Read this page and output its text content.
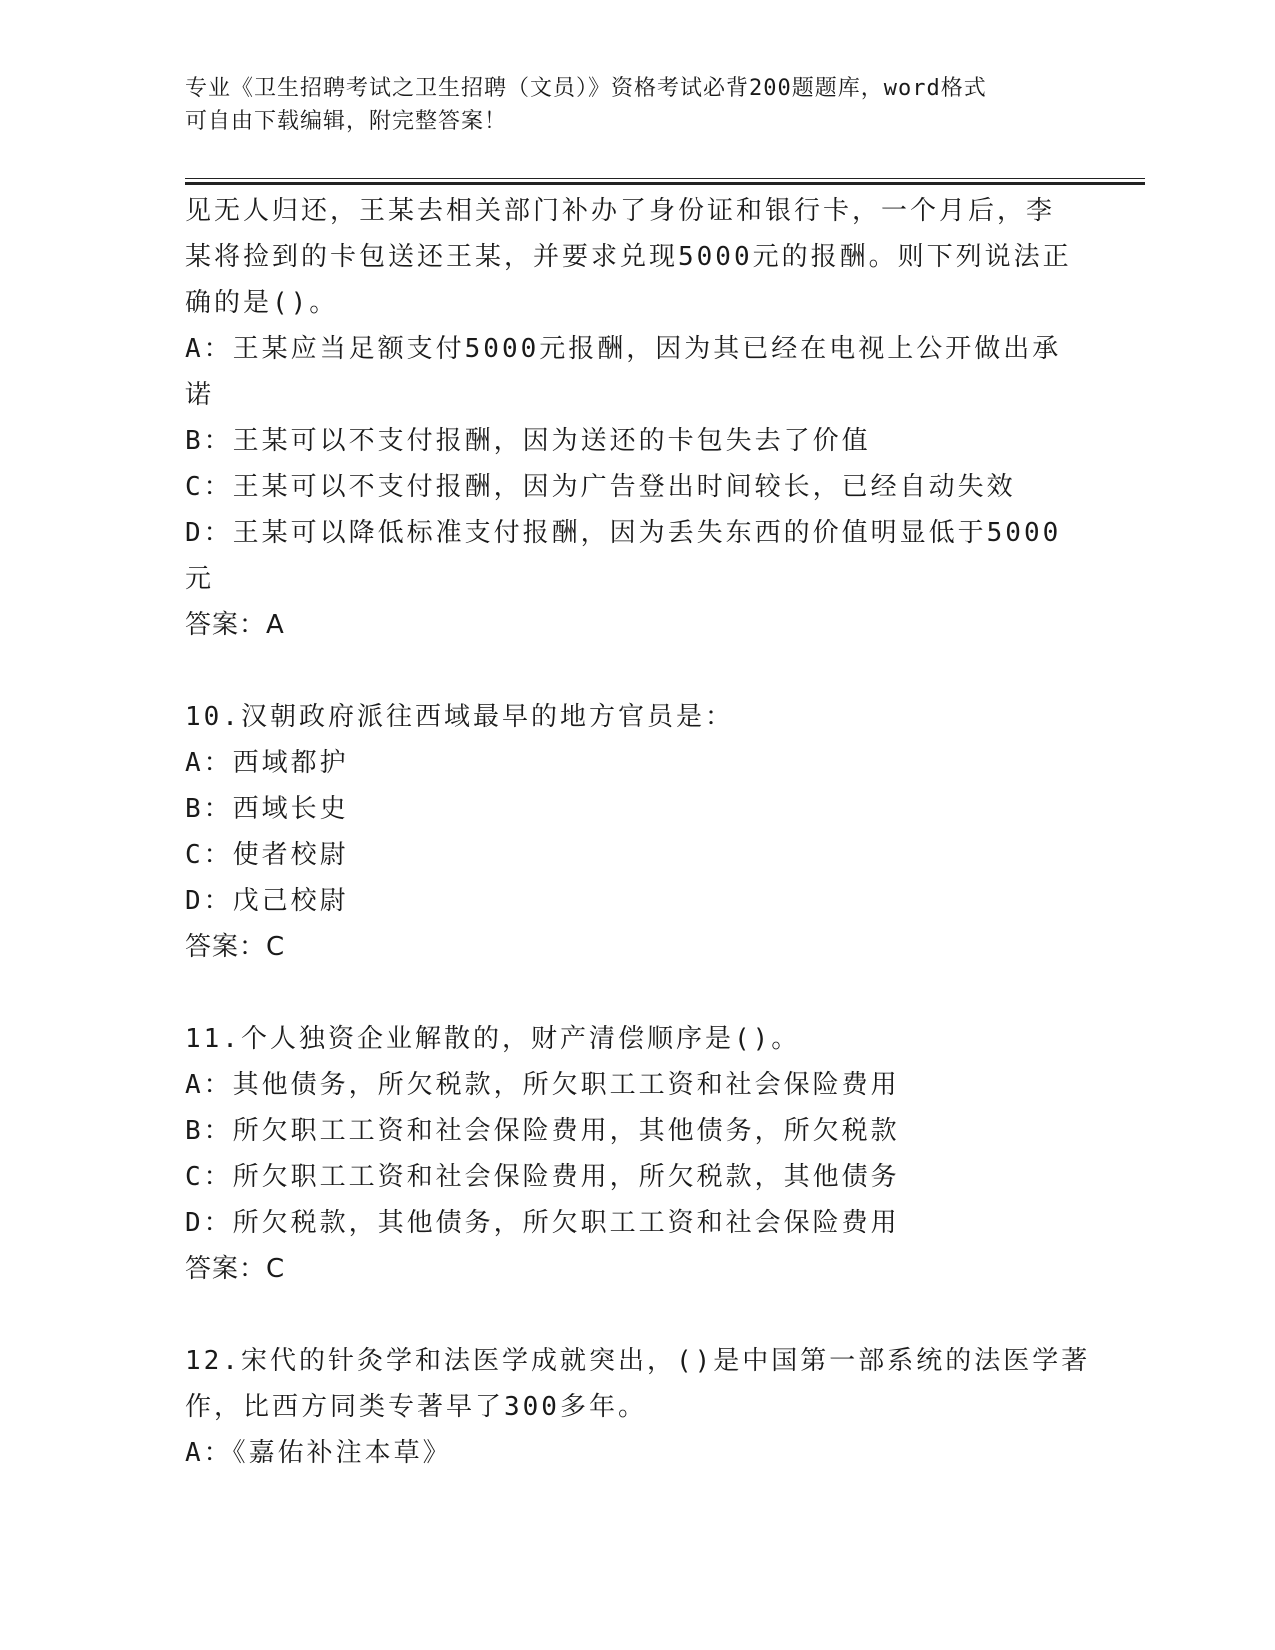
专业《卫生招聘考试之卫生招聘（文员）》资格考试必背200题题库，word格式
可自由下载编辑，附完整答案！
见无人归还，王某去相关部门补办了身份证和银行卡，一个月后，李
某将捡到的卡包送还王某，并要求兑现5000元的报酬。则下列说法正
确的是()。
A：王某应当足额支付5000元报酬，因为其已经在电视上公开做出承
诺
B：王某可以不支付报酬，因为送还的卡包失去了价值
C：王某可以不支付报酬，因为广告登出时间较长，已经自动失效
D：王某可以降低标准支付报酬，因为丢失东西的价值明显低于5000
元
答案：A
10.汉朝政府派往西域最早的地方官员是：
A：西域都护
B：西域长史
C：使者校尉
D：戊己校尉
答案：C
11.个人独资企业解散的，财产清偿顺序是()。
A：其他债务，所欠税款，所欠职工工资和社会保险费用
B：所欠职工工资和社会保险费用，其他债务，所欠税款
C：所欠职工工资和社会保险费用，所欠税款，其他债务
D：所欠税款，其他债务，所欠职工工资和社会保险费用
答案：C
12.宋代的针灸学和法医学成就突出，()是中国第一部系统的法医学著
作，比西方同类专著早了300多年。
A：《嘉佑补注本草》
